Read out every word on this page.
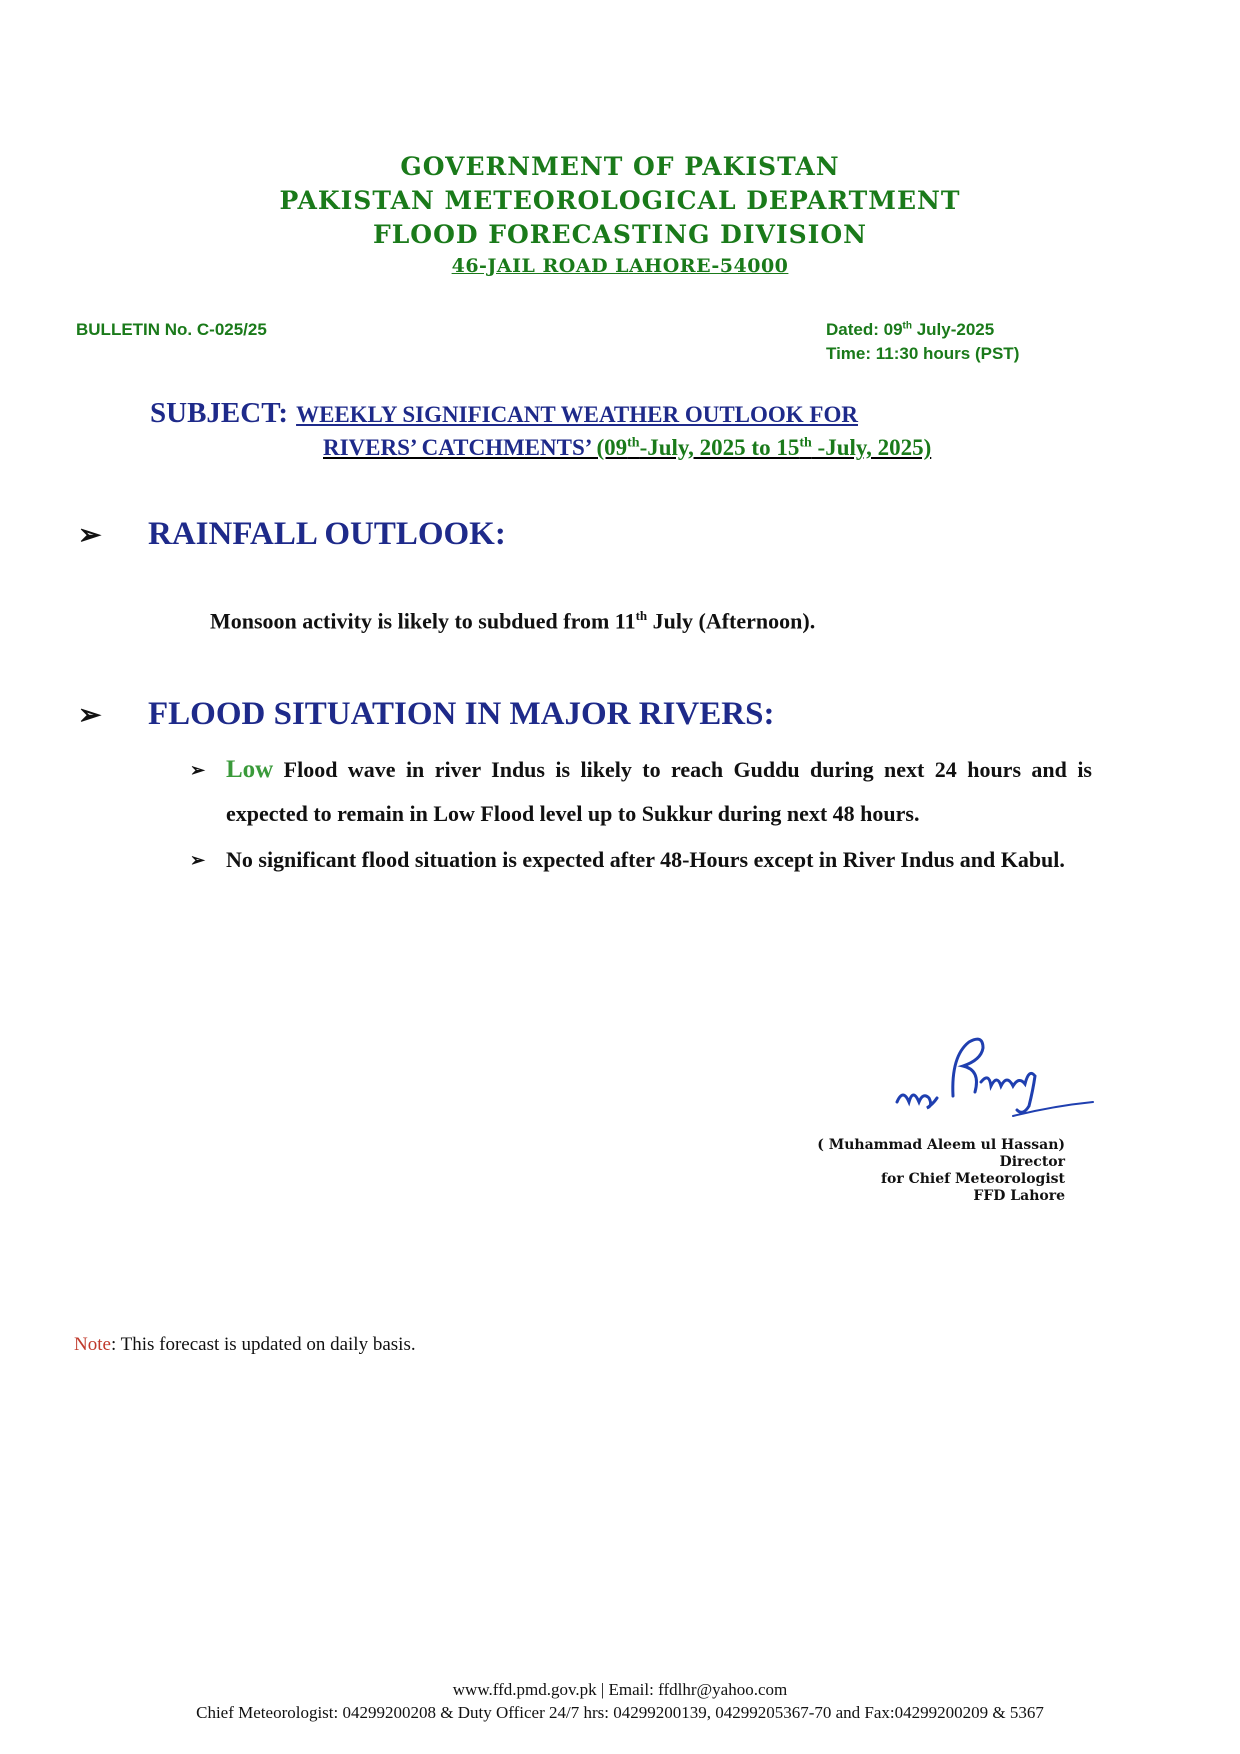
GOVERNMENT OF PAKISTAN
PAKISTAN METEOROLOGICAL DEPARTMENT
FLOOD FORECASTING DIVISION
46-JAIL ROAD LAHORE-54000
BULLETIN No. C-025/25	Dated: 09th July-2025
Time: 11:30 hours (PST)
SUBJECT: WEEKLY SIGNIFICANT WEATHER OUTLOOK FOR
RIVERS’ CATCHMENTS’ (09th-July, 2025 to 15th -July, 2025)
➢ RAINFALL OUTLOOK:
Monsoon activity is likely to subdued from 11th July (Afternoon).
➢ FLOOD SITUATION IN MAJOR RIVERS:
➢ Low Flood wave in river Indus is likely to reach Guddu during next 24 hours and is expected to remain in Low Flood level up to Sukkur during next 48 hours.
➢ No significant flood situation is expected after 48-Hours except in River Indus and Kabul.
( Muhammad Aleem ul Hassan)
Director
for Chief Meteorologist
FFD Lahore
Note: This forecast is updated on daily basis.
www.ffd.pmd.gov.pk | Email: ffdlhr@yahoo.com
Chief Meteorologist: 04299200208 & Duty Officer 24/7 hrs: 04299200139, 04299205367-70 and Fax:04299200209 & 5367
